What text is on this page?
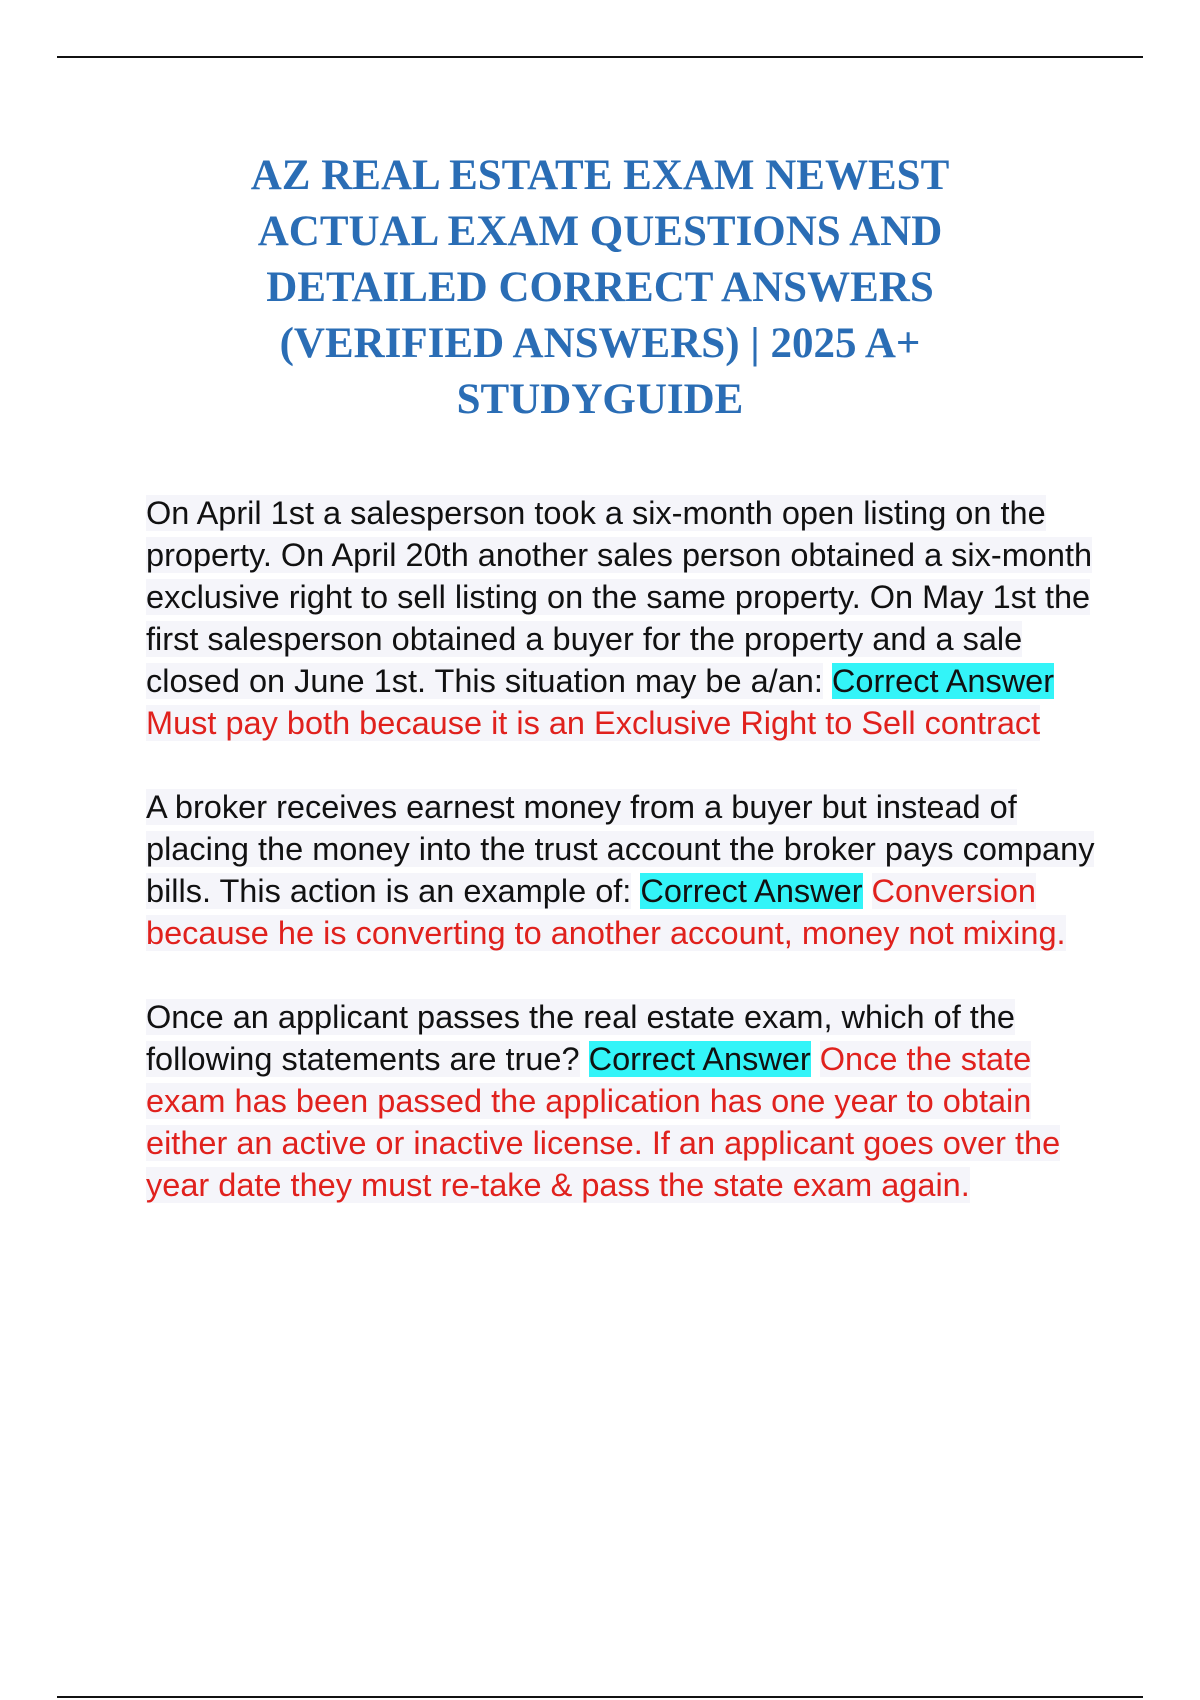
AZ REAL ESTATE EXAM NEWEST ACTUAL EXAM QUESTIONS AND DETAILED CORRECT ANSWERS (VERIFIED ANSWERS) | 2025 A+ STUDYGUIDE

On April 1st a salesperson took a six-month open listing on the property. On April 20th another sales person obtained a six-month exclusive right to sell listing on the same property. On May 1st the first salesperson obtained a buyer for the property and a sale closed on June 1st. This situation may be a/an: Correct Answer Must pay both because it is an Exclusive Right to Sell contract

A broker receives earnest money from a buyer but instead of placing the money into the trust account the broker pays company bills. This action is an example of: Correct Answer Conversion because he is converting to another account, money not mixing.

Once an applicant passes the real estate exam, which of the following statements are true? Correct Answer Once the state exam has been passed the application has one year to obtain either an active or inactive license. If an applicant goes over the year date they must re-take & pass the state exam again.
